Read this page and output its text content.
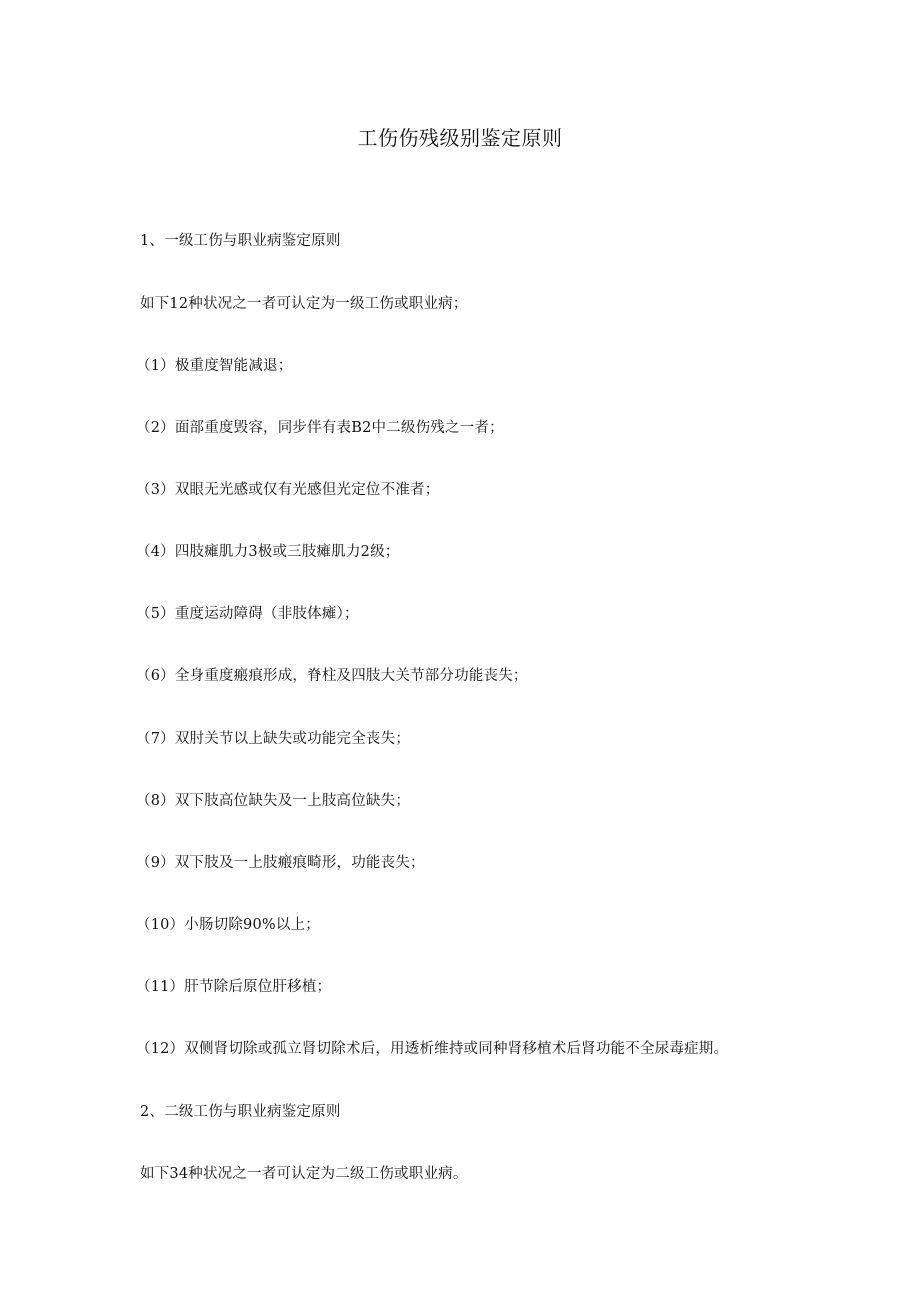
工伤伤残级别鉴定原则

1、一级工伤与职业病鉴定原则

如下12种状况之一者可认定为一级工伤或职业病；

（1）极重度智能减退；

（2）面部重度毁容，同步伴有表B2中二级伤残之一者；

（3）双眼无光感或仅有光感但光定位不准者；

（4）四肢瘫肌力3极或三肢瘫肌力2级；

（5）重度运动障碍（非肢体瘫）；

（6）全身重度瘢痕形成，脊柱及四肢大关节部分功能丧失；

（7）双肘关节以上缺失或功能完全丧失；

（8）双下肢高位缺失及一上肢高位缺失；

（9）双下肢及一上肢瘢痕畸形，功能丧失；

（10）小肠切除90%以上；

（11）肝节除后原位肝移植；

（12）双侧肾切除或孤立肾切除术后，用透析维持或同种肾移植术后肾功能不全尿毒症期。

2、二级工伤与职业病鉴定原则

如下34种状况之一者可认定为二级工伤或职业病。
